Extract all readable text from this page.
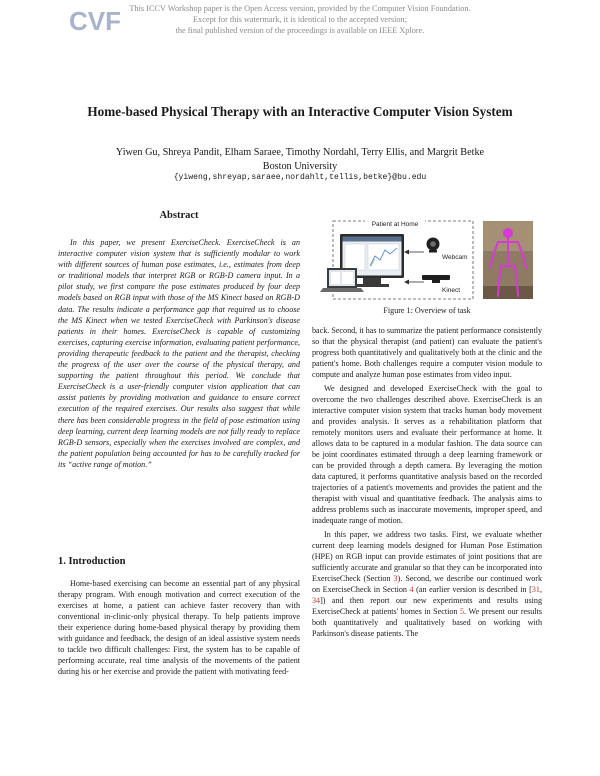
CVF	This ICCV Workshop paper is the Open Access version, provided by the Computer Vision Foundation.
Except for this watermark, it is identical to the accepted version;
the final published version of the proceedings is available on IEEE Xplore.
Home-based Physical Therapy with an Interactive Computer Vision System
Yiwen Gu, Shreya Pandit, Elham Saraee, Timothy Nordahl, Terry Ellis, and Margrit Betke
Boston University
{yiweng,shreyap,saraee,nordahlt,tellis,betke}@bu.edu
Abstract

In this paper, we present ExerciseCheck. ExerciseCheck is an interactive computer vision system that is sufficiently modular to work with different sources of human pose estimates, i.e., estimates from deep or traditional models that interpret RGB or RGB-D camera input. In a pilot study, we first compare the pose estimates produced by four deep models based on RGB input with those of the MS Kinect based on RGB-D data. The results indicate a performance gap that required us to choose the MS Kinect when we tested ExerciseCheck with Parkinson's disease patients in their homes. ExerciseCheck is capable of customizing exercises, capturing exercise information, evaluating patient performance, providing therapeutic feedback to the patient and the therapist, checking the progress of the user over the course of the physical therapy, and supporting the patient throughout this period. We conclude that ExerciseCheck is a user-friendly computer vision application that can assist patients by providing motivation and guidance to ensure correct execution of the required exercises. Our results also suggest that while there has been considerable progress in the field of pose estimation using deep learning, current deep learning models are not fully ready to replace RGB-D sensors, especially when the exercises involved are complex, and the patient population being accounted for has to be carefully tracked for its “active range of motion.”

1. Introduction

Home-based exercising can become an essential part of any physical therapy program. With enough motivation and correct execution of the exercises at home, a patient can achieve faster recovery than with conventional in-clinic-only physical therapy. To help patients improve their experience during home-based physical therapy by providing them with guidance and feedback, the design of an ideal assistive system needs to tackle two difficult challenges: First, the system has to be capable of performing accurate, real time analysis of the movements of the patient during his or her exercise and provide the patient with motivating feed-

Patient at Home
Webcam
Kinect
Figure 1: Overview of task

back. Second, it has to summarize the patient performance consistently so that the physical therapist (and patient) can evaluate the patient's progress both quantitatively and qualitatively both at the clinic and the patient's home. Both challenges require a computer vision module to compute and analyze human pose estimates from video input.

We designed and developed ExerciseCheck with the goal to overcome the two challenges described above. ExerciseCheck is an interactive computer vision system that tracks human body movement and provides analysis. It serves as a rehabilitation platform that remotely monitors users and evaluate their performance at home. It allows data to be captured in a modular fashion. The data source can be joint coordinates estimated through a deep learning framework or can be provided through a depth camera. By leveraging the motion data captured, it performs quantitative analysis based on the recorded trajectories of a patient's movements and provides the patient and the therapist with visual and quantitative feedback. The analysis aims to address problems such as inaccurate movements, improper speed, and inadequate range of motion.

In this paper, we address two tasks. First, we evaluate whether current deep learning models designed for Human Pose Estimation (HPE) on RGB input can provide estimates of joint positions that are sufficiently accurate and granular so that they can be incorporated into ExerciseCheck (Section 3). Second, we describe our continued work on ExerciseCheck in Section 4 (an earlier version is described in [31, 34]) and then report our new experiments and results using ExerciseCheck at patients' homes in Section 5. We present our results both quantitatively and qualitatively based on working with Parkinson's disease patients. The
